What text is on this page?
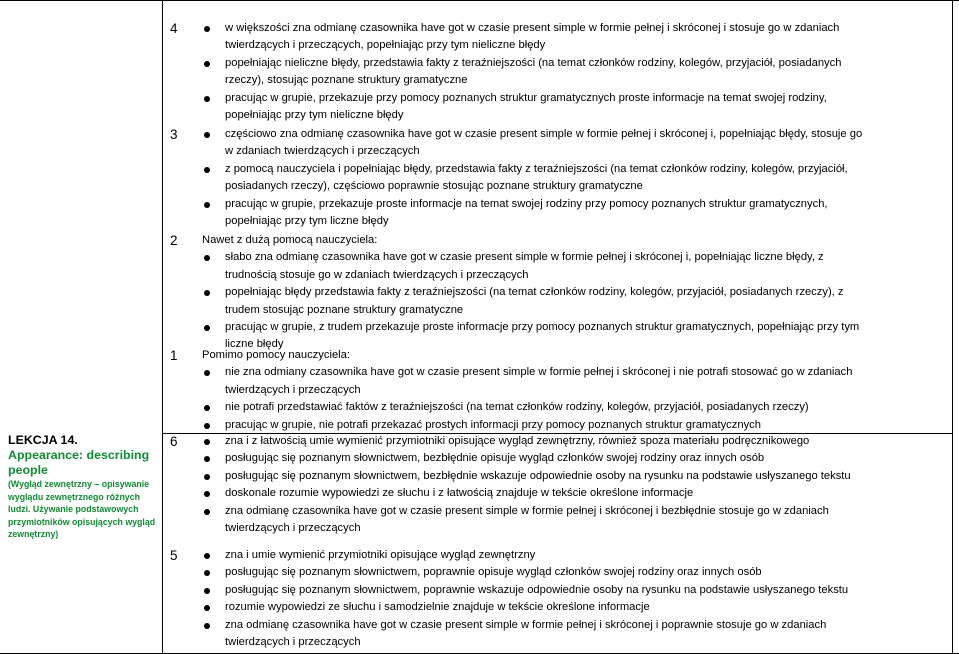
LEKCJA 14.
Appearance: describing
people
(Wygląd zewnętrzny – opisywanie
wyglądu zewnętrznego różnych
ludzi. Używanie podstawowych
przymiotników opisujących wygląd
zewnętrzny)
4	w większości zna odmianę czasownika have got w czasie present simple w formie pełnej i skróconej i stosuje go w zdaniach
twierdzących i przeczących, popełniając przy tym nieliczne błędy
popełniając nieliczne błędy, przedstawia fakty z teraźniejszości (na temat członków rodziny, kolegów, przyjaciół, posiadanych
rzeczy), stosując poznane struktury gramatyczne
pracując w grupie, przekazuje przy pomocy poznanych struktur gramatycznych proste informacje na temat swojej rodziny,
popełniając przy tym nieliczne błędy
3	częściowo zna odmianę czasownika have got w czasie present simple w formie pełnej i skróconej i, popełniając błędy, stosuje go
w zdaniach twierdzących i przeczących
z pomocą nauczyciela i popełniając błędy, przedstawia fakty z teraźniejszości (na temat członków rodziny, kolegów, przyjaciół,
posiadanych rzeczy), częściowo poprawnie stosując poznane struktury gramatyczne
pracując w grupie, przekazuje proste informacje na temat swojej rodziny przy pomocy poznanych struktur gramatycznych,
popełniając przy tym liczne błędy
2	Nawet z dużą pomocą nauczyciela:
słabo zna odmianę czasownika have got w czasie present simple w formie pełnej i skróconej i, popełniając liczne błędy, z
trudnością stosuje go w zdaniach twierdzących i przeczących
popełniając błędy przedstawia fakty z teraźniejszości (na temat członków rodziny, kolegów, przyjaciół, posiadanych rzeczy), z
trudem stosując poznane struktury gramatyczne
pracując w grupie, z trudem przekazuje proste informacje przy pomocy poznanych struktur gramatycznych, popełniając przy tym
liczne błędy
1	Pomimo pomocy nauczyciela:
nie zna odmiany czasownika have got w czasie present simple w formie pełnej i skróconej i nie potrafi stosować go w zdaniach
twierdzących i przeczących
nie potrafi przedstawiać faktów z teraźniejszości (na temat członków rodziny, kolegów, przyjaciół, posiadanych rzeczy)
pracując w grupie, nie potrafi przekazać prostych informacji przy pomocy poznanych struktur gramatycznych
6	zna i z łatwością umie wymienić przymiotniki opisujące wygląd zewnętrzny, również spoza materiału podręcznikowego
posługując się poznanym słownictwem, bezbłędnie opisuje wygląd członków swojej rodziny oraz innych osób
posługując się poznanym słownictwem, bezbłędnie wskazuje odpowiednie osoby na rysunku na podstawie usłyszanego tekstu
doskonale rozumie wypowiedzi ze słuchu i z łatwością znajduje w tekście określone informacje
zna odmianę czasownika have got w czasie present simple w formie pełnej i skróconej i bezbłędnie stosuje go w zdaniach
twierdzących i przeczących
5	zna i umie wymienić przymiotniki opisujące wygląd zewnętrzny
posługując się poznanym słownictwem, poprawnie opisuje wygląd członków swojej rodziny oraz innych osób
posługując się poznanym słownictwem, poprawnie wskazuje odpowiednie osoby na rysunku na podstawie usłyszanego tekstu
rozumie wypowiedzi ze słuchu i samodzielnie znajduje w tekście określone informacje
zna odmianę czasownika have got w czasie present simple w formie pełnej i skróconej i poprawnie stosuje go w zdaniach
twierdzących i przeczących
